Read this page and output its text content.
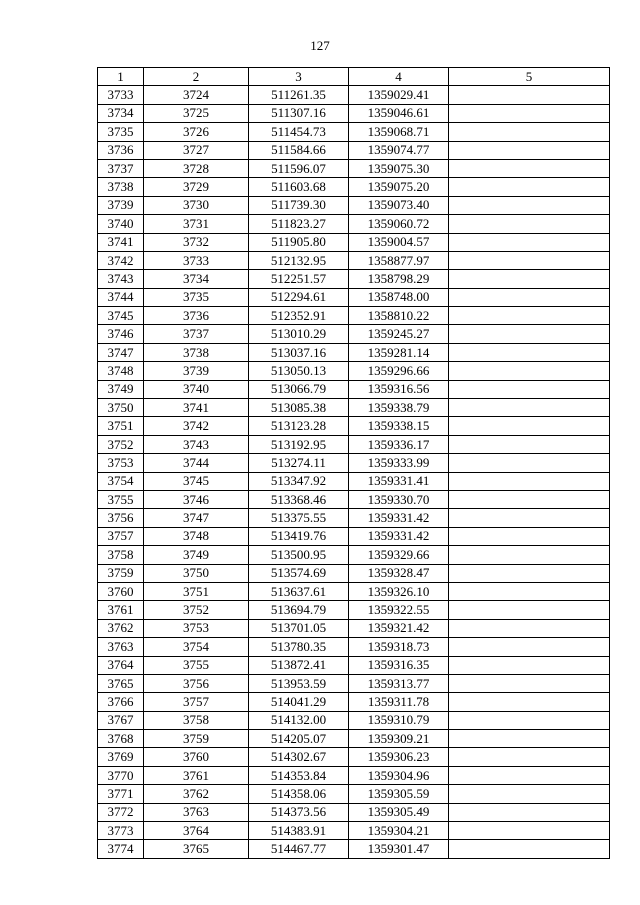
127
1	2	3	4	5
3733	3724	511261.35	1359029.41	
3734	3725	511307.16	1359046.61	
3735	3726	511454.73	1359068.71	
3736	3727	511584.66	1359074.77	
3737	3728	511596.07	1359075.30	
3738	3729	511603.68	1359075.20	
3739	3730	511739.30	1359073.40	
3740	3731	511823.27	1359060.72	
3741	3732	511905.80	1359004.57	
3742	3733	512132.95	1358877.97	
3743	3734	512251.57	1358798.29	
3744	3735	512294.61	1358748.00	
3745	3736	512352.91	1358810.22	
3746	3737	513010.29	1359245.27	
3747	3738	513037.16	1359281.14	
3748	3739	513050.13	1359296.66	
3749	3740	513066.79	1359316.56	
3750	3741	513085.38	1359338.79	
3751	3742	513123.28	1359338.15	
3752	3743	513192.95	1359336.17	
3753	3744	513274.11	1359333.99	
3754	3745	513347.92	1359331.41	
3755	3746	513368.46	1359330.70	
3756	3747	513375.55	1359331.42	
3757	3748	513419.76	1359331.42	
3758	3749	513500.95	1359329.66	
3759	3750	513574.69	1359328.47	
3760	3751	513637.61	1359326.10	
3761	3752	513694.79	1359322.55	
3762	3753	513701.05	1359321.42	
3763	3754	513780.35	1359318.73	
3764	3755	513872.41	1359316.35	
3765	3756	513953.59	1359313.77	
3766	3757	514041.29	1359311.78	
3767	3758	514132.00	1359310.79	
3768	3759	514205.07	1359309.21	
3769	3760	514302.67	1359306.23	
3770	3761	514353.84	1359304.96	
3771	3762	514358.06	1359305.59	
3772	3763	514373.56	1359305.49	
3773	3764	514383.91	1359304.21	
3774	3765	514467.77	1359301.47	
